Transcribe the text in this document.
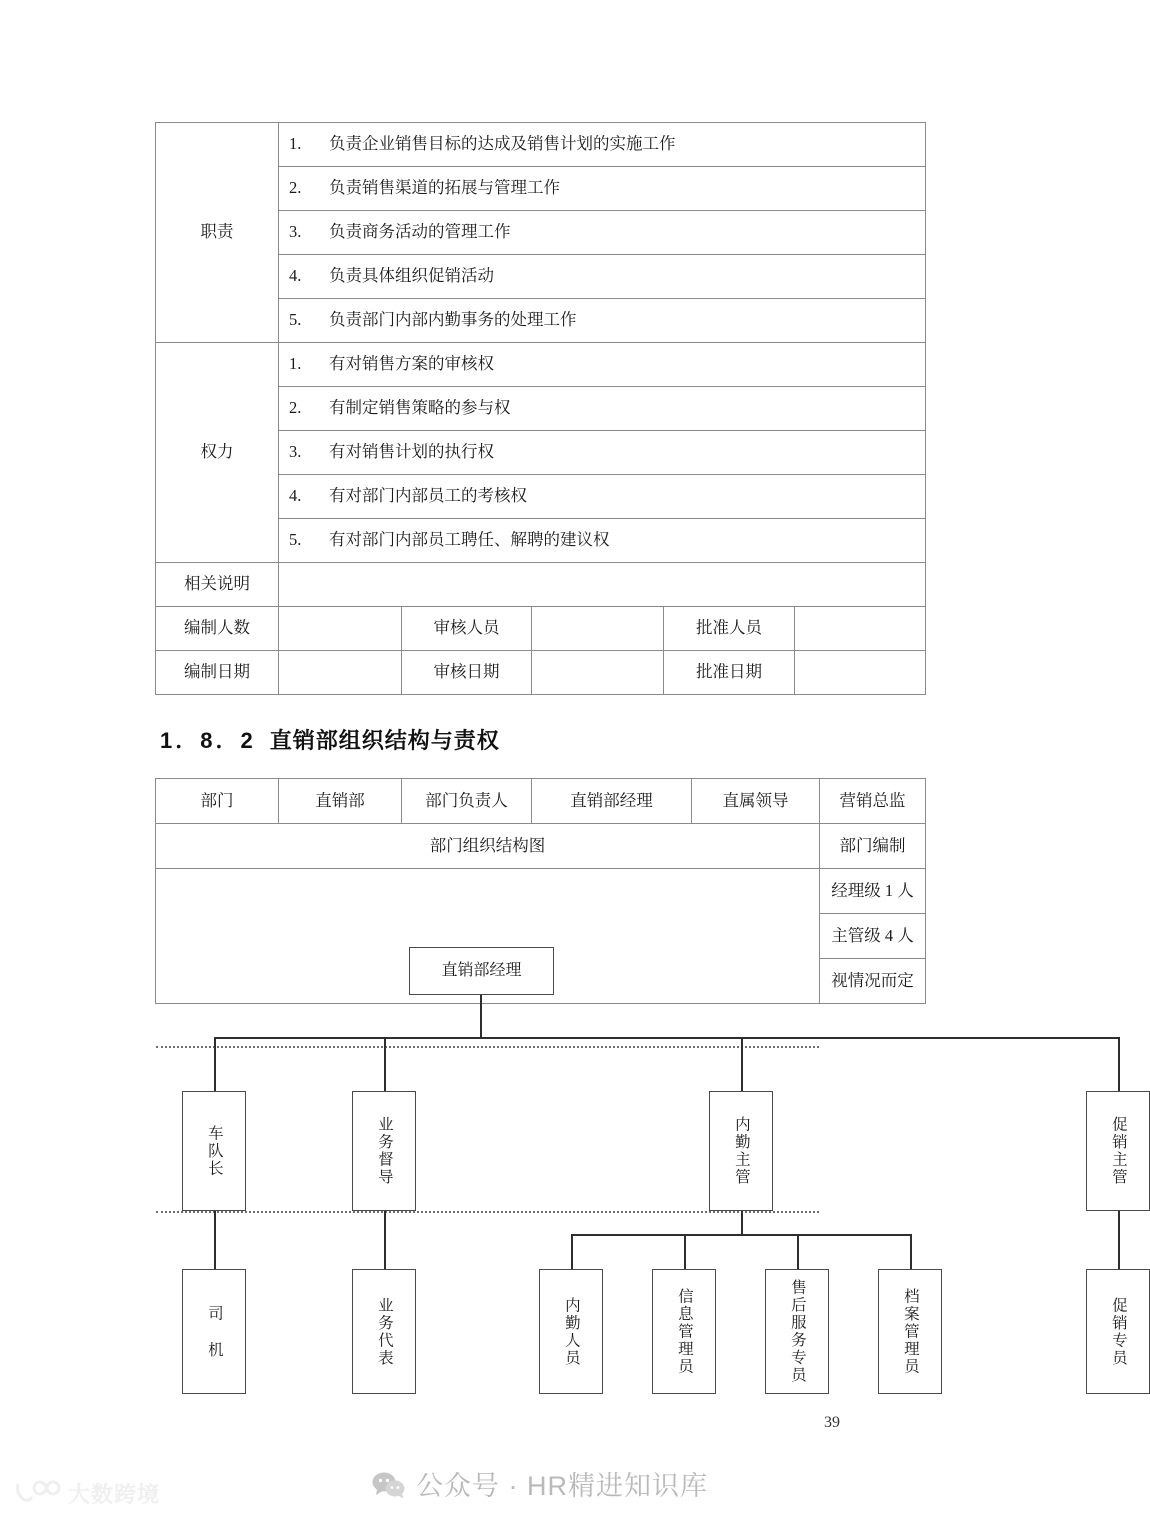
职责	1. 负责企业销售目标的达成及销售计划的实施工作				
	2. 负责销售渠道的拓展与管理工作				
	3. 负责商务活动的管理工作				
	4. 负责具体组织促销活动				
	5. 负责部门内部内勤事务的处理工作				
权力	1. 有对销售方案的审核权				
	2. 有制定销售策略的参与权				
	3. 有对销售计划的执行权				
	4. 有对部门内部员工的考核权				
	5. 有对部门内部员工聘任、解聘的建议权				
相关说明					
编制人数		审核人员		批准人员	
编制日期		审核日期		批准日期	
1．8．2 直销部组织结构与责权
部门	直销部	部门负责人	直销部经理	直属领导	营销总监
部门组织结构图					部门编制

直销部经理
车队长	业务督导	内勤主管	促销主管
司 机	业务代表	内勤人员	信息管理员	售后服务专员	档案管理员	促销专员
	经理级 1 人
					主管级 4 人
					视情况而定
39
公众号 · HR精进知识库
大数跨境
